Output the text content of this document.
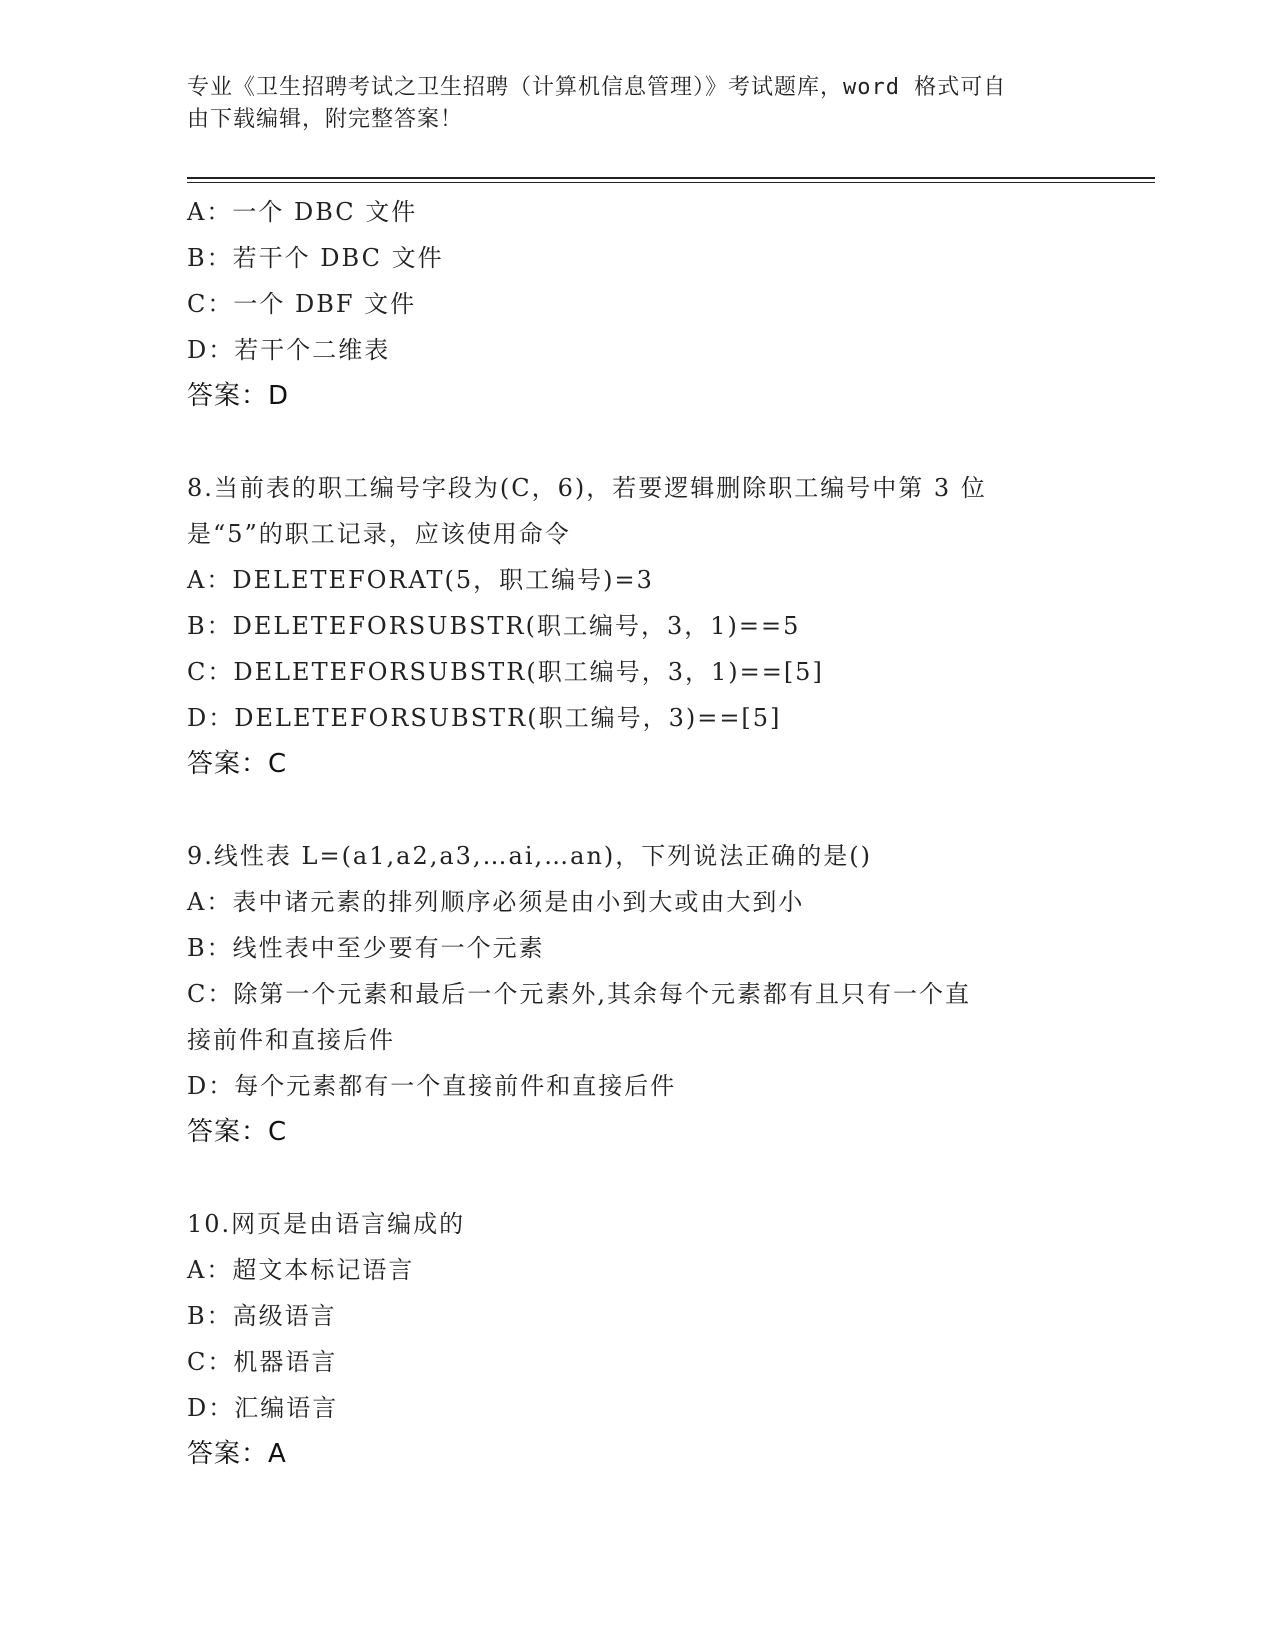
专业《卫生招聘考试之卫生招聘（计算机信息管理）》考试题库，word 格式可自
由下载编辑，附完整答案！
A：一个 DBC 文件
B：若干个 DBC 文件
C：一个 DBF 文件
D：若干个二维表
答案：D
8.当前表的职工编号字段为(C，6)，若要逻辑删除职工编号中第 3 位
是“5”的职工记录，应该使用命令
A：DELETEFORAT(5，职工编号)=3
B：DELETEFORSUBSTR(职工编号，3，1)==5
C：DELETEFORSUBSTR(职工编号，3，1)==[5]
D：DELETEFORSUBSTR(职工编号，3)==[5]
答案：C
9.线性表 L=(a1,a2,a3,…ai,…an)，下列说法正确的是()
A：表中诸元素的排列顺序必须是由小到大或由大到小
B：线性表中至少要有一个元素
C：除第一个元素和最后一个元素外,其余每个元素都有且只有一个直
接前件和直接后件
D：每个元素都有一个直接前件和直接后件
答案：C
10.网页是由语言编成的
A：超文本标记语言
B：高级语言
C：机器语言
D：汇编语言
答案：A
